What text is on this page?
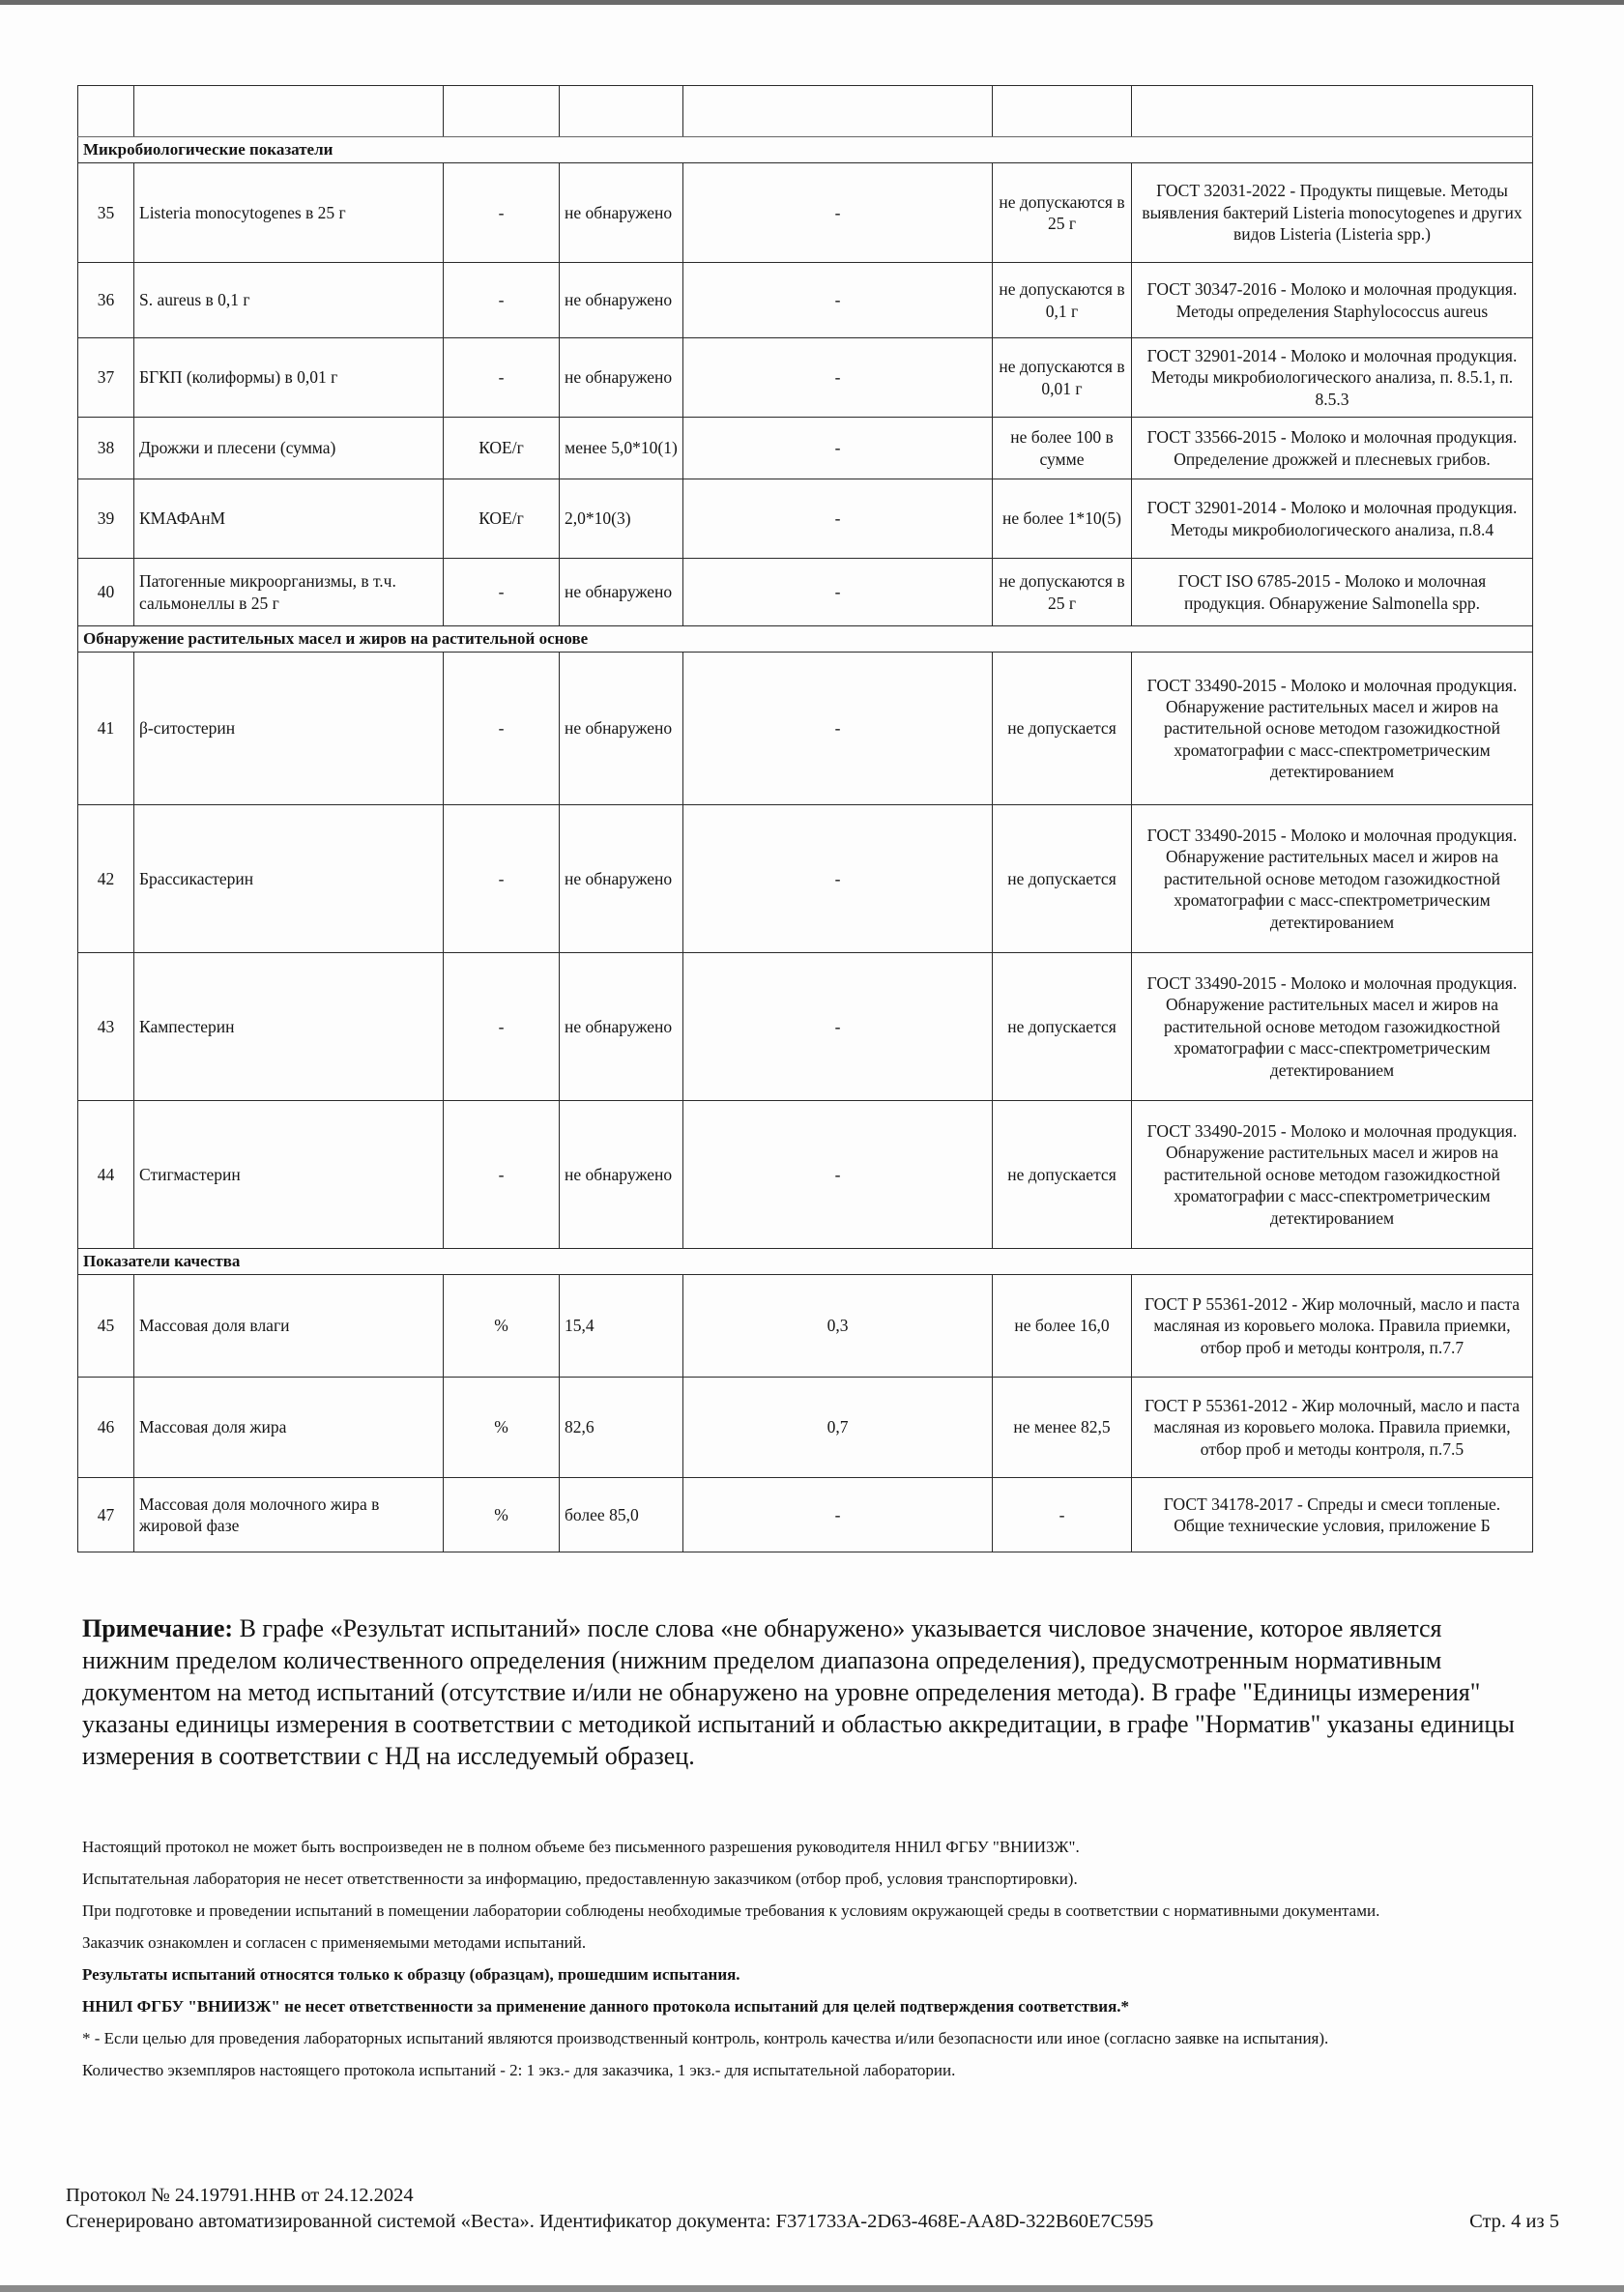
Микробиологические показатели						
35	Listeria monocytogenes в 25 г	-	не обнаружено	-	не допускаются в 25 г	ГОСТ 32031-2022 - Продукты пищевые. Методы выявления бактерий Listeria monocytogenes и других видов Listeria (Listeria spp.)
36	S. aureus в 0,1 г	-	не обнаружено	-	не допускаются в 0,1 г	ГОСТ 30347-2016 - Молоко и молочная продукция. Методы определения Staphylococcus aureus
37	БГКП (колиформы) в 0,01 г	-	не обнаружено	-	не допускаются в 0,01 г	ГОСТ 32901-2014 - Молоко и молочная продукция. Методы микробиологического анализа, п. 8.5.1, п. 8.5.3
38	Дрожжи и плесени (сумма)	КОЕ/г	менее 5,0*10(1)	-	не более 100 в сумме	ГОСТ 33566-2015 - Молоко и молочная продукция. Определение дрожжей и плесневых грибов.
39	КМАФАнМ	КОЕ/г	2,0*10(3)	-	не более 1*10(5)	ГОСТ 32901-2014 - Молоко и молочная продукция. Методы микробиологического анализа, п.8.4
40	Патогенные микроорганизмы, в т.ч. сальмонеллы в 25 г	-	не обнаружено	-	не допускаются в 25 г	ГОСТ ISO 6785-2015 - Молоко и молочная продукция. Обнаружение Salmonella spp.
Обнаружение растительных масел и жиров на растительной основе						
41	β-ситостерин	-	не обнаружено	-	не допускается	ГОСТ 33490-2015 - Молоко и молочная продукция. Обнаружение растительных масел и жиров на растительной основе методом газожидкостной хроматографии с масс-спектрометрическим детектированием
42	Брассикастерин	-	не обнаружено	-	не допускается	ГОСТ 33490-2015 - Молоко и молочная продукция. Обнаружение растительных масел и жиров на растительной основе методом газожидкостной хроматографии с масс-спектрометрическим детектированием
43	Кампестерин	-	не обнаружено	-	не допускается	ГОСТ 33490-2015 - Молоко и молочная продукция. Обнаружение растительных масел и жиров на растительной основе методом газожидкостной хроматографии с масс-спектрометрическим детектированием
44	Стигмастерин	-	не обнаружено	-	не допускается	ГОСТ 33490-2015 - Молоко и молочная продукция. Обнаружение растительных масел и жиров на растительной основе методом газожидкостной хроматографии с масс-спектрометрическим детектированием
Показатели качества						
45	Массовая доля влаги	%	15,4	0,3	не более 16,0	ГОСТ Р 55361-2012 - Жир молочный, масло и паста масляная из коровьего молока. Правила приемки, отбор проб и методы контроля, п.7.7
46	Массовая доля жира	%	82,6	0,7	не менее 82,5	ГОСТ Р 55361-2012 - Жир молочный, масло и паста масляная из коровьего молока. Правила приемки, отбор проб и методы контроля, п.7.5
47	Массовая доля молочного жира в жировой фазе	%	более 85,0	-	-	ГОСТ 34178-2017 - Спреды и смеси топленые. Общие технические условия, приложение Б
Примечание: В графе «Результат испытаний» после слова «не обнаружено» указывается числовое значение, которое является нижним пределом количественного определения (нижним пределом диапазона определения), предусмотренным нормативным документом на метод испытаний (отсутствие и/или не обнаружено на уровне определения метода). В графе "Единицы измерения" указаны единицы измерения в соответствии с методикой испытаний и областью аккредитации, в графе "Норматив" указаны единицы измерения в соответствии с НД на исследуемый образец.

Настоящий протокол не может быть воспроизведен не в полном объеме без письменного разрешения руководителя ННИЛ ФГБУ "ВНИИЗЖ".

Испытательная лаборатория не несет ответственности за информацию, предоставленную заказчиком (отбор проб, условия транспортировки).

При подготовке и проведении испытаний в помещении лаборатории соблюдены необходимые требования к условиям окружающей среды в соответствии с нормативными документами.

Заказчик ознакомлен и согласен с применяемыми методами испытаний.

Результаты испытаний относятся только к образцу (образцам), прошедшим испытания.

ННИЛ ФГБУ "ВНИИЗЖ" не несет ответственности за применение данного протокола испытаний для целей подтверждения соответствия.*

* - Если целью для проведения лабораторных испытаний являются производственный контроль, контроль качества и/или безопасности или иное (согласно заявке на испытания).

Количество экземпляров настоящего протокола испытаний - 2: 1 экз.- для заказчика, 1 экз.- для испытательной лаборатории.

Протокол № 24.19791.ННВ от 24.12.2024
Сгенерировано автоматизированной системой «Веста». Идентификатор документа: F371733A-2D63-468E-AA8D-322B60E7C595	Стр. 4 из 5
